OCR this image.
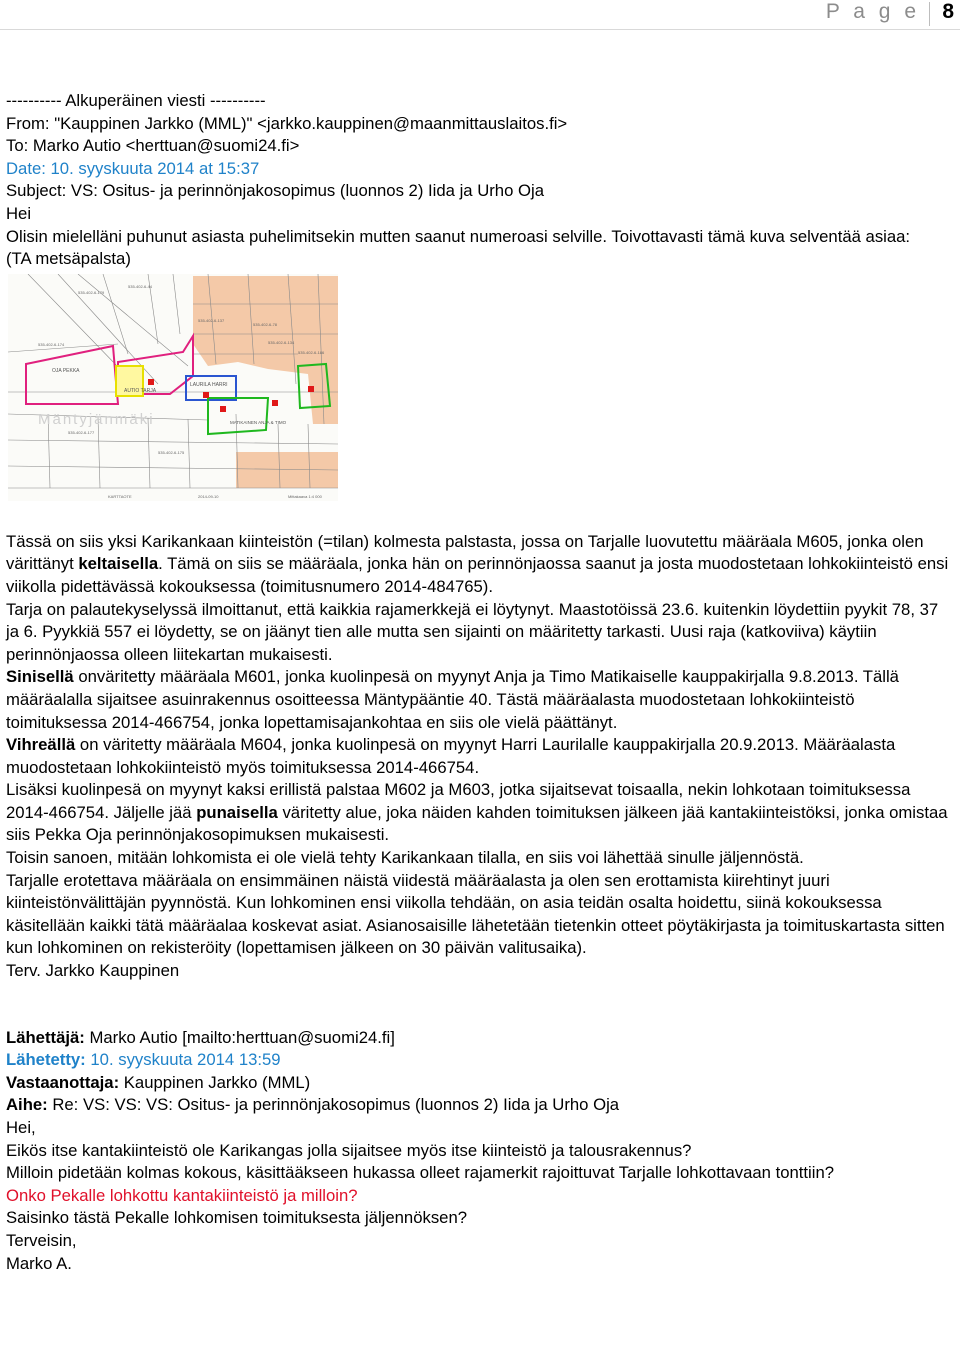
P a g e 8

---------- Alkuperäinen viesti ----------

From: "Kauppinen Jarkko (MML)" <jarkko.kauppinen@maanmittauslaitos.fi>

To: Marko Autio <herttuan@suomi24.fi>

Date: 10. syyskuuta 2014 at 15:37

Subject: VS: Ositus- ja perinnönjakosopimus (luonnos 2) Iida ja Urho Oja

Hei

Olisin mielelläni puhunut asiasta puhelimitsekin mutten saanut numeroasi selville. Toivottavasti tämä kuva selventää asiaa:

(TA metsäpalsta)

Mäntyjänmäki
OJA PEKKA
AUTIO TARJA
LAURILA HARRI
MATIKAINEN ANJA & TIMO
535-402-6-179
535-402-6-44
535-402-6-137
535-402-6-174
535-402-6-177
535-402-6-175
535-402-6-78
535-402-6-186
535-402-6-134
KARTTAOTE	2014-09-10	Mittakaava 1:4 000

Tässä on siis yksi Karikankaan kiinteistön (=tilan) kolmesta palstasta, jossa on Tarjalle luovutettu määräala M605, jonka olen värittänyt keltaisella. Tämä on siis se määräala, jonka hän on perinnönjaossa saanut ja josta muodostetaan lohkokiinteistö ensi viikolla pidettävässä kokouksessa (toimitusnumero 2014-484765).

Tarja on palautekyselyssä ilmoittanut, että kaikkia rajamerkkejä ei löytynyt. Maastotöissä 23.6. kuitenkin löydettiin pyykit 78, 37 ja 6. Pyykkiä 557 ei löydetty, se on jäänyt tien alle mutta sen sijainti on määritetty tarkasti. Uusi raja (katkoviiva) käytiin perinnönjaossa olleen liitekartan mukaisesti.

Sinisellä onväritetty määräala M601, jonka kuolinpesä on myynyt Anja ja Timo Matikaiselle kauppakirjalla 9.8.2013. Tällä määräalalla sijaitsee asuinrakennus osoitteessa Mäntypääntie 40. Tästä määräalasta muodostetaan lohkokiinteistö toimituksessa 2014-466754, jonka lopettamisajankohtaa en siis ole vielä päättänyt.

Vihreällä on väritetty määräala M604, jonka kuolinpesä on myynyt Harri Laurilalle kauppakirjalla 20.9.2013. Määräalasta muodostetaan lohkokiinteistö myös toimituksessa 2014-466754.

Lisäksi kuolinpesä on myynyt kaksi erillistä palstaa M602 ja M603, jotka sijaitsevat toisaalla, nekin lohkotaan toimituksessa 2014-466754. Jäljelle jää punaisella väritetty alue, joka näiden kahden toimituksen jälkeen jää kantakiinteistöksi, jonka omistaa siis Pekka Oja perinnönjakosopimuksen mukaisesti.

Toisin sanoen, mitään lohkomista ei ole vielä tehty Karikankaan tilalla, en siis voi lähettää sinulle jäljennöstä.

Tarjalle erotettava määräala on ensimmäinen näistä viidestä määräalasta ja olen sen erottamista kiirehtinyt juuri kiinteistönvälittäjän pyynnöstä. Kun lohkominen ensi viikolla tehdään, on asia teidän osalta hoidettu, siinä kokouksessa käsitellään kaikki tätä määräalaa koskevat asiat. Asianosaisille lähetetään tietenkin otteet pöytäkirjasta ja toimituskartasta sitten kun lohkominen on rekisteröity (lopettamisen jälkeen on 30 päivän valitusaika).

Terv. Jarkko Kauppinen

Lähettäjä: Marko Autio [mailto:herttuan@suomi24.fi]

Lähetetty: 10. syyskuuta 2014 13:59

Vastaanottaja: Kauppinen Jarkko (MML)

Aihe: Re: VS: VS: VS: Ositus- ja perinnönjakosopimus (luonnos 2) Iida ja Urho Oja

Hei,

Eikös itse kantakiinteistö ole Karikangas jolla sijaitsee myös itse kiinteistö ja talousrakennus?

Milloin pidetään kolmas kokous, käsittääkseen hukassa olleet rajamerkit rajoittuvat Tarjalle lohkottavaan tonttiin?

Onko Pekalle lohkottu kantakiinteistö ja milloin?

Saisinko tästä Pekalle lohkomisen toimituksesta jäljennöksen?

Terveisin,

Marko A.
